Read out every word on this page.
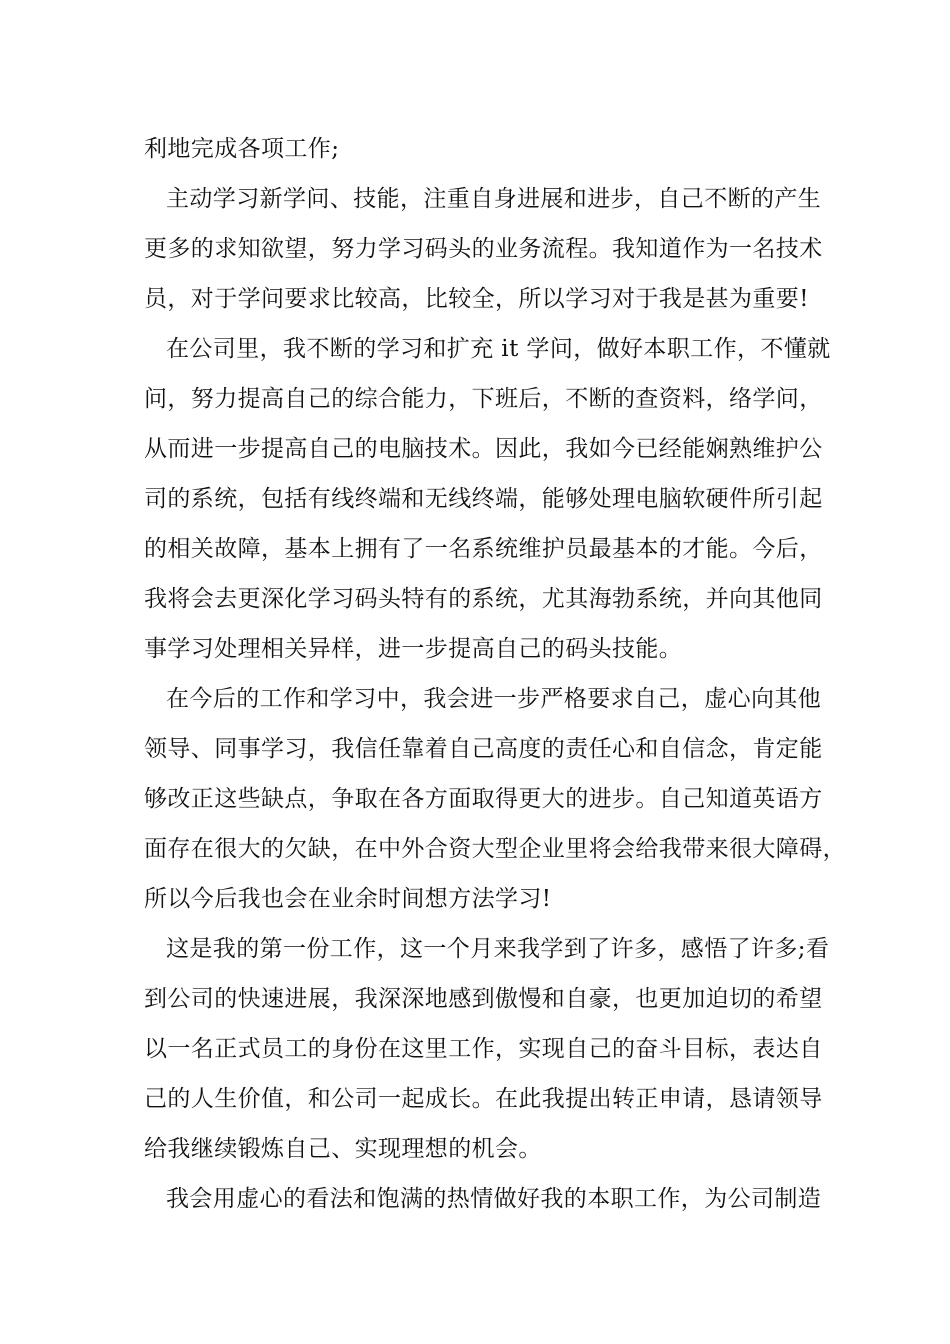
利地完成各项工作;
主动学习新学问、技能，注重自身进展和进步，自己不断的产生
更多的求知欲望，努力学习码头的业务流程。我知道作为一名技术
员，对于学问要求比较高，比较全，所以学习对于我是甚为重要!
在公司里，我不断的学习和扩充 it 学问，做好本职工作，不懂就
问，努力提高自己的综合能力，下班后，不断的查资料，络学问，
从而进一步提高自己的电脑技术。因此，我如今已经能娴熟维护公
司的系统，包括有线终端和无线终端，能够处理电脑软硬件所引起
的相关故障，基本上拥有了一名系统维护员最基本的才能。今后，
我将会去更深化学习码头特有的系统，尤其海勃系统，并向其他同
事学习处理相关异样，进一步提高自己的码头技能。
在今后的工作和学习中，我会进一步严格要求自己，虚心向其他
领导、同事学习，我信任靠着自己高度的责任心和自信念，肯定能
够改正这些缺点，争取在各方面取得更大的进步。自己知道英语方
面存在很大的欠缺，在中外合资大型企业里将会给我带来很大障碍，
所以今后我也会在业余时间想方法学习!
这是我的第一份工作，这一个月来我学到了许多，感悟了许多;看
到公司的快速进展，我深深地感到傲慢和自豪，也更加迫切的希望
以一名正式员工的身份在这里工作，实现自己的奋斗目标，表达自
己的人生价值，和公司一起成长。在此我提出转正申请，恳请领导
给我继续锻炼自己、实现理想的机会。
我会用虚心的看法和饱满的热情做好我的本职工作，为公司制造
